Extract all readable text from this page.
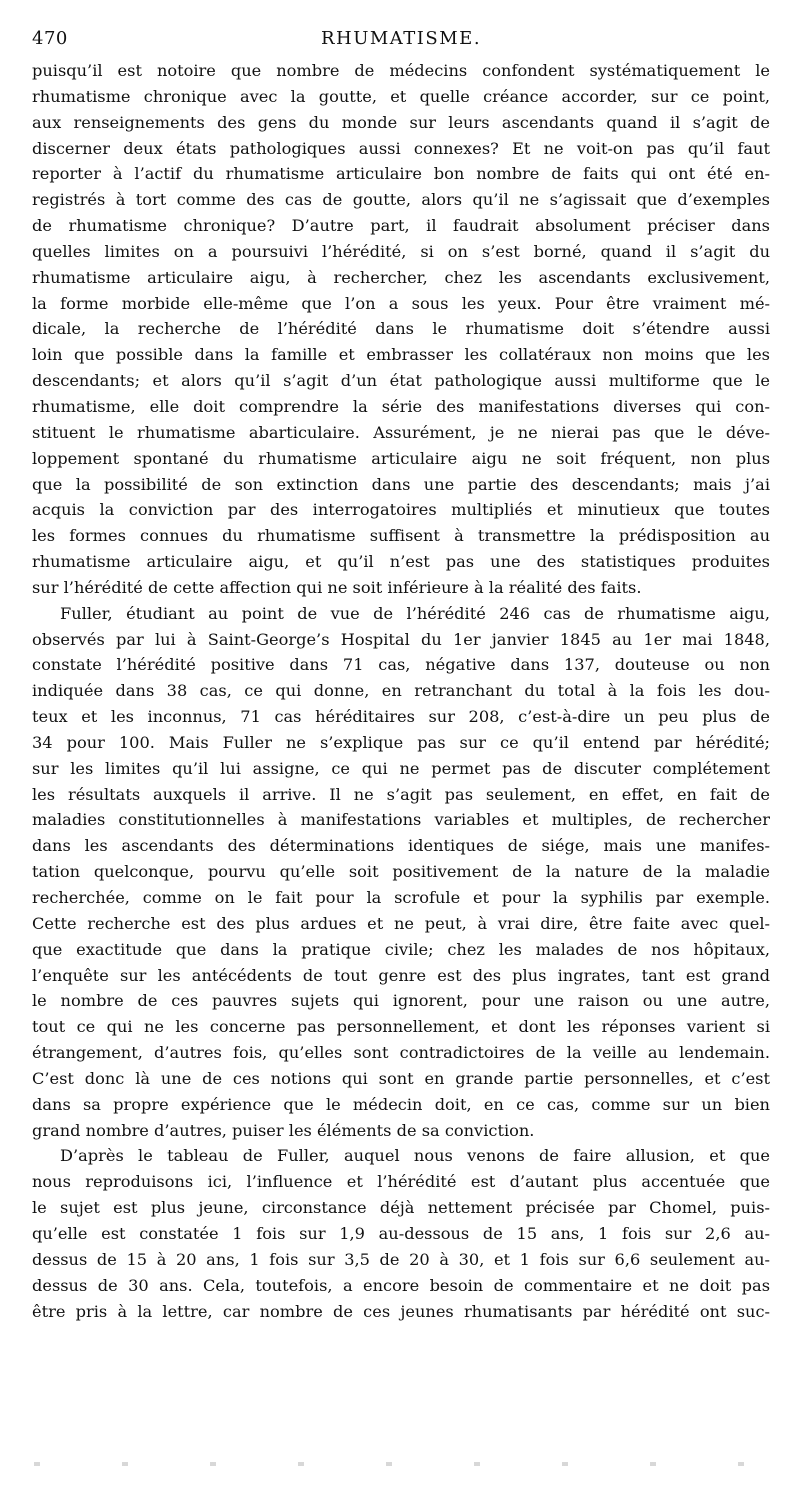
470	RHUMATISME.
puisqu’il est notoire que nombre de médecins confondent systématiquement le
rhumatisme chronique avec la goutte, et quelle créance accorder, sur ce point,
aux renseignements des gens du monde sur leurs ascendants quand il s’agit de
discerner deux états pathologiques aussi connexes? Et ne voit-on pas qu’il faut
reporter à l’actif du rhumatisme articulaire bon nombre de faits qui ont été en-
registrés à tort comme des cas de goutte, alors qu’il ne s’agissait que d’exemples
de rhumatisme chronique? D’autre part, il faudrait absolument préciser dans
quelles limites on a poursuivi l’hérédité, si on s’est borné, quand il s’agit du
rhumatisme articulaire aigu, à rechercher, chez les ascendants exclusivement,
la forme morbide elle-même que l’on a sous les yeux. Pour être vraiment mé-
dicale, la recherche de l’hérédité dans le rhumatisme doit s’étendre aussi
loin que possible dans la famille et embrasser les collatéraux non moins que les
descendants; et alors qu’il s’agit d’un état pathologique aussi multiforme que le
rhumatisme, elle doit comprendre la série des manifestations diverses qui con-
stituent le rhumatisme abarticulaire. Assurément, je ne nierai pas que le déve-
loppement spontané du rhumatisme articulaire aigu ne soit fréquent, non plus
que la possibilité de son extinction dans une partie des descendants; mais j’ai
acquis la conviction par des interrogatoires multipliés et minutieux que toutes
les formes connues du rhumatisme suffisent à transmettre la prédisposition au
rhumatisme articulaire aigu, et qu’il n’est pas une des statistiques produites
sur l’hérédité de cette affection qui ne soit inférieure à la réalité des faits.
Fuller, étudiant au point de vue de l’hérédité 246 cas de rhumatisme aigu,
observés par lui à Saint-George’s Hospital du 1er janvier 1845 au 1er mai 1848,
constate l’hérédité positive dans 71 cas, négative dans 137, douteuse ou non
indiquée dans 38 cas, ce qui donne, en retranchant du total à la fois les dou-
teux et les inconnus, 71 cas héréditaires sur 208, c’est-à-dire un peu plus de
34 pour 100. Mais Fuller ne s’explique pas sur ce qu’il entend par hérédité;
sur les limites qu’il lui assigne, ce qui ne permet pas de discuter complétement
les résultats auxquels il arrive. Il ne s’agit pas seulement, en effet, en fait de
maladies constitutionnelles à manifestations variables et multiples, de rechercher
dans les ascendants des déterminations identiques de siége, mais une manifes-
tation quelconque, pourvu qu’elle soit positivement de la nature de la maladie
recherchée, comme on le fait pour la scrofule et pour la syphilis par exemple.
Cette recherche est des plus ardues et ne peut, à vrai dire, être faite avec quel-
que exactitude que dans la pratique civile; chez les malades de nos hôpitaux,
l’enquête sur les antécédents de tout genre est des plus ingrates, tant est grand
le nombre de ces pauvres sujets qui ignorent, pour une raison ou une autre,
tout ce qui ne les concerne pas personnellement, et dont les réponses varient si
étrangement, d’autres fois, qu’elles sont contradictoires de la veille au lendemain.
C’est donc là une de ces notions qui sont en grande partie personnelles, et c’est
dans sa propre expérience que le médecin doit, en ce cas, comme sur un bien
grand nombre d’autres, puiser les éléments de sa conviction.
D’après le tableau de Fuller, auquel nous venons de faire allusion, et que
nous reproduisons ici, l’influence et l’hérédité est d’autant plus accentuée que
le sujet est plus jeune, circonstance déjà nettement précisée par Chomel, puis-
qu’elle est constatée 1 fois sur 1,9 au-dessous de 15 ans, 1 fois sur 2,6 au-
dessus de 15 à 20 ans, 1 fois sur 3,5 de 20 à 30, et 1 fois sur 6,6 seulement au-
dessus de 30 ans. Cela, toutefois, a encore besoin de commentaire et ne doit pas
être pris à la lettre, car nombre de ces jeunes rhumatisants par hérédité ont suc-
